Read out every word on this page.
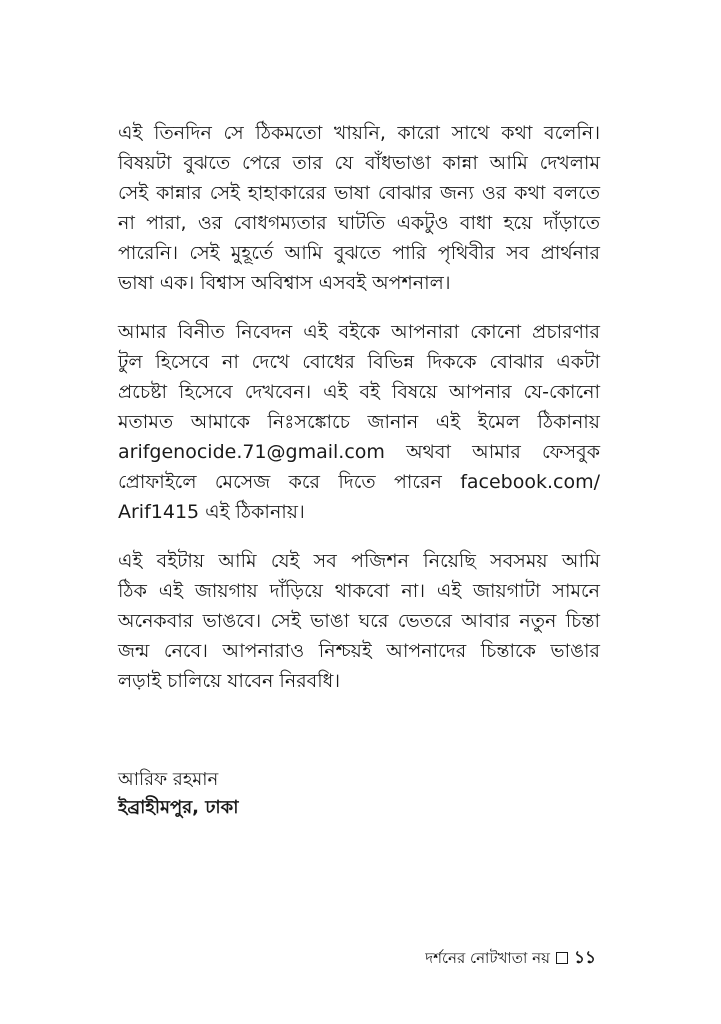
এই তিনদিন সে ঠিকমতো খায়নি, কারো সাথে কথা বলেনি।
বিষয়টা বুঝতে পেরে তার যে বাঁধভাঙা কান্না আমি দেখলাম
সেই কান্নার সেই হাহাকারের ভাষা বোঝার জন্য ওর কথা বলতে
না পারা, ওর বোধগম্যতার ঘাটতি একটুও বাধা হয়ে দাঁড়াতে
পারেনি। সেই মুহূর্তে আমি বুঝতে পারি পৃথিবীর সব প্রার্থনার
ভাষা এক। বিশ্বাস অবিশ্বাস এসবই অপশনাল।

আমার বিনীত নিবেদন এই বইকে আপনারা কোনো প্রচারণার
টুল হিসেবে না দেখে বোধের বিভিন্ন দিককে বোঝার একটা
প্রচেষ্টা হিসেবে দেখবেন। এই বই বিষয়ে আপনার যে-কোনো
মতামত আমাকে নিঃসঙ্কোচে জানান এই ইমেল ঠিকানায়
arifgenocide.71@gmail.com অথবা আমার ফেসবুক
প্রোফাইলে মেসেজ করে দিতে পারেন facebook.com/
Arif1415 এই ঠিকানায়।

এই বইটায় আমি যেই সব পজিশন নিয়েছি সবসময় আমি
ঠিক এই জায়গায় দাঁড়িয়ে থাকবো না। এই জায়গাটা সামনে
অনেকবার ভাঙবে। সেই ভাঙা ঘরে ভেতরে আবার নতুন চিন্তা
জন্ম নেবে। আপনারাও নিশ্চয়ই আপনাদের চিন্তাকে ভাঙার
লড়াই চালিয়ে যাবেন নিরবধি।

আরিফ রহমান
ইব্রাহীমপুর, ঢাকা
দর্শনের নোটখাতা নয় ১১
